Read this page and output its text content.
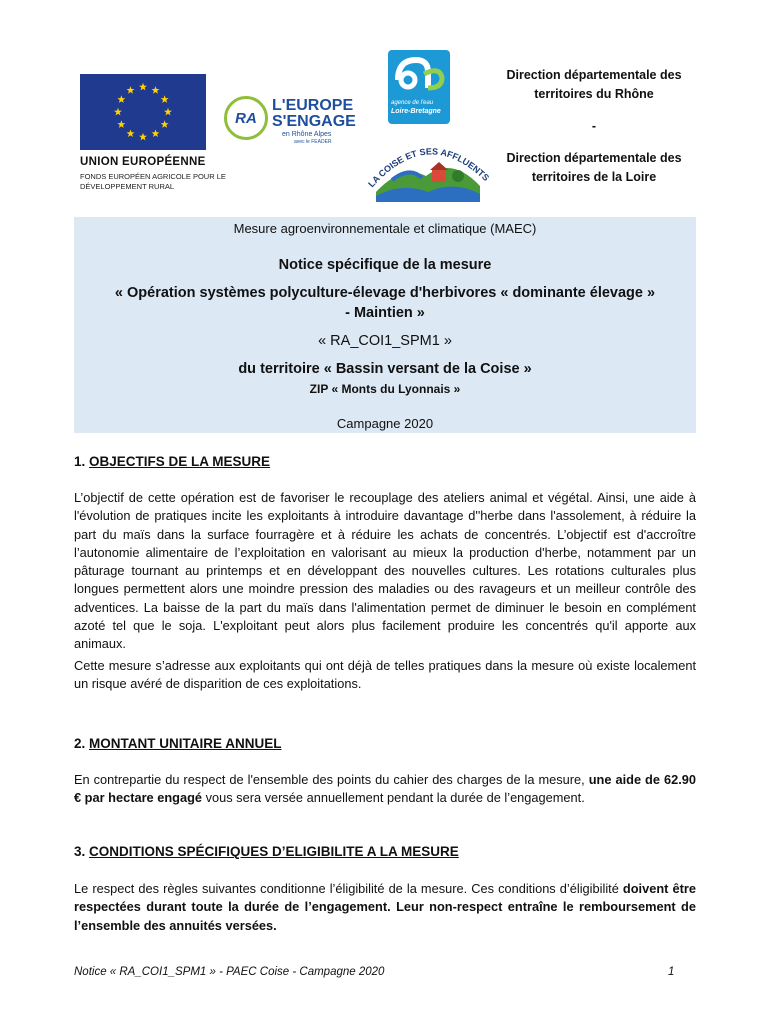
UNION EUROPÉENNE
FONDS EUROPÉEN AGRICOLE POUR LE DÉVELOPPEMENT RURAL
RA
L'EUROPE
S'ENGAGE
en Rhône Alpes
avec le FEADER
agence de l'eau
Loire-Bretagne
LA COISE ET SES AFFLUENTS
Direction départementale des territoires du Rhône
-
Direction départementale des territoires de la Loire
Mesure agroenvironnementale et climatique (MAEC)
Notice spécifique de la mesure
« Opération systèmes polyculture-élevage d'herbivores « dominante élevage »
- Maintien »
« RA_COI1_SPM1 »
du territoire « Bassin versant de la Coise »
ZIP « Monts du Lyonnais »
Campagne 2020
1. OBJECTIFS DE LA MESURE
L’objectif de cette opération est de favoriser le recouplage des ateliers animal et végétal. Ainsi, une aide à l'évolution de pratiques incite les exploitants à introduire davantage d''herbe dans l'assolement, à réduire la part du maïs dans la surface fourragère et à réduire les achats de concentrés. L’objectif est d'accroître l’autonomie alimentaire de l’exploitation en valorisant au mieux la production d'herbe, notamment par un pâturage tournant au printemps et en développant des nouvelles cultures. Les rotations culturales plus longues permettent alors une moindre pression des maladies ou des ravageurs et un meilleur contrôle des adventices. La baisse de la part du maïs dans l'alimentation permet de diminuer le besoin en complément azoté tel que le soja. L'exploitant peut alors plus facilement produire les concentrés qu'il apporte aux animaux.
Cette mesure s’adresse aux exploitants qui ont déjà de telles pratiques dans la mesure où existe localement un risque avéré de disparition de ces exploitations.
2. MONTANT UNITAIRE ANNUEL
En contrepartie du respect de l'ensemble des points du cahier des charges de la mesure, une aide de 62.90 € par hectare engagé vous sera versée annuellement pendant la durée de l’engagement.
3. CONDITIONS SPÉCIFIQUES D’ELIGIBILITE A LA MESURE
Le respect des règles suivantes conditionne l’éligibilité de la mesure. Ces conditions d’éligibilité doivent être respectées durant toute la durée de l’engagement. Leur non-respect entraîne le remboursement de l’ensemble des annuités versées.
Notice « RA_COI1_SPM1 » - PAEC Coise - Campagne 2020	1
